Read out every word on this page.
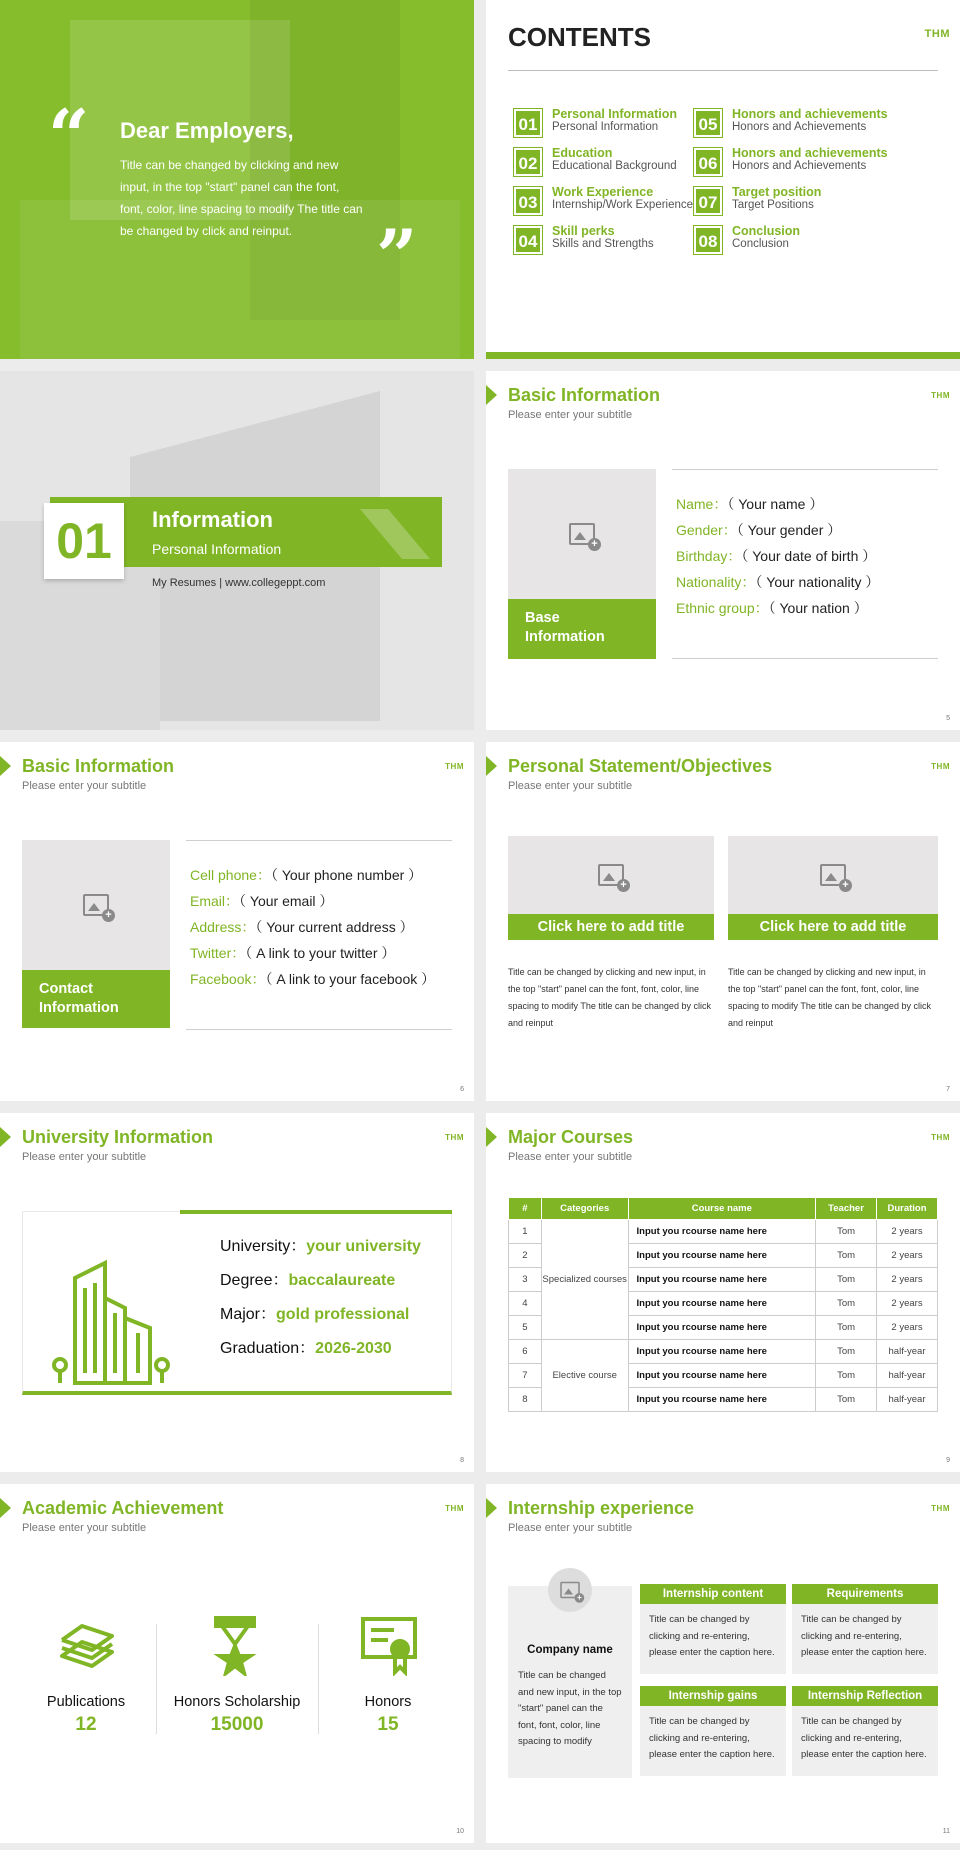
“ Dear Employers,
Title can be changed by clicking and new input, in the top "start" panel can the font, font, color, line spacing to modify The title can be changed by click and reinput.	”
CONTENTS	THM
01
Personal Information
Personal Information
02
Education
Educational Background
03
Work Experience
Internship/Work Experience
04
Skill perks
Skills and Strengths
05
Honors and achievements
Honors and Achievements
06
Honors and achievements
Honors and Achievements
07
Target position
Target Positions
08
Conclusion
Conclusion
01	Information
Personal Information
My Resumes | www.collegeppt.com
Basic Information
Please enter your subtitle
THM
+
Base Information
Name：（ Your name ）
Gender：（ Your gender ）
Birthday：（ Your date of birth ）
Nationality：（ Your nationality ）
Ethnic group：（ Your nation ）
5
Basic Information
Please enter your subtitle
THM
+
Contact Information
Cell phone：（ Your phone number ）
Email：（ Your email ）
Address：（ Your current address ）
Twitter：（ A link to your twitter ）
Facebook：（ A link to your facebook ）
6
Personal Statement/Objectives
Please enter your subtitle
THM
+
+
Click here to add title	Click here to add title
Title can be changed by clicking and new input, in the top "start" panel can the font, font, color, line spacing to modify The title can be changed by click and reinput
Title can be changed by clicking and new input, in the top "start" panel can the font, font, color, line spacing to modify The title can be changed by click and reinput
7
University Information
Please enter your subtitle
THM
University：your university
Degree：baccalaureate
Major：gold professional
Graduation：2026-2030
8
Major Courses
Please enter your subtitle
THM
#	Categories	Course name	Teacher	Duration
1	Specialized courses	Input you rcourse name here	Tom	2 years
2		Input you rcourse name here	Tom	2 years
3		Input you rcourse name here	Tom	2 years
4		Input you rcourse name here	Tom	2 years
5		Input you rcourse name here	Tom	2 years
6	Elective course	Input you rcourse name here	Tom	half-year
7		Input you rcourse name here	Tom	half-year
8		Input you rcourse name here	Tom	half-year
9
Academic Achievement
Please enter your subtitle
THM
Publications
12
Honors Scholarship
15000
Honors
15
10
Internship experience
Please enter your subtitle
THM
+
Company name
Title can be changed and new input, in the top "start" panel can the font, font, color, line spacing to modify
Internship content
Title can be changed by clicking and re-entering, please enter the caption here.
Requirements
Title can be changed by clicking and re-entering, please enter the caption here.
Internship gains
Title can be changed by clicking and re-entering, please enter the caption here.
Internship Reflection
Title can be changed by clicking and re-entering, please enter the caption here.
11
